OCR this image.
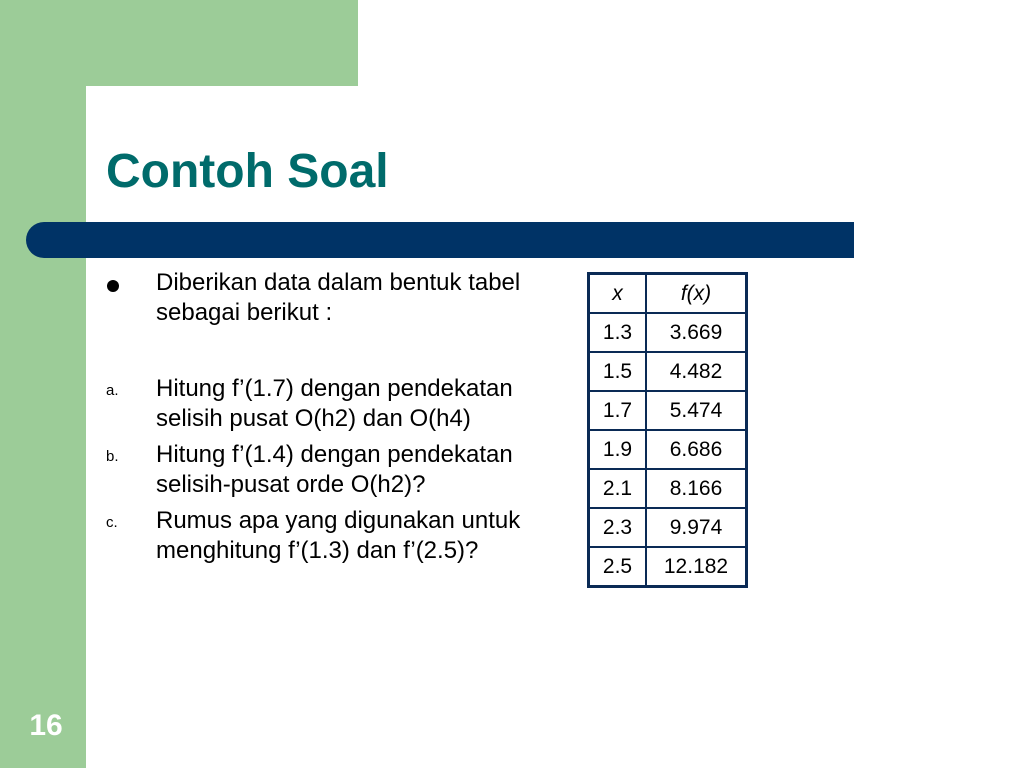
Contoh Soal
Diberikan data dalam bentuk tabel sebagai berikut :
a. Hitung f’(1.7) dengan pendekatan selisih pusat O(h2) dan O(h4)
b. Hitung f’(1.4) dengan pendekatan selisih-pusat orde O(h2)?
c. Rumus apa yang digunakan untuk menghitung f’(1.3) dan f’(2.5)?
x	f(x)
1.3	3.669
1.5	4.482
1.7	5.474
1.9	6.686
2.1	8.166
2.3	9.974
2.5	12.182
16
